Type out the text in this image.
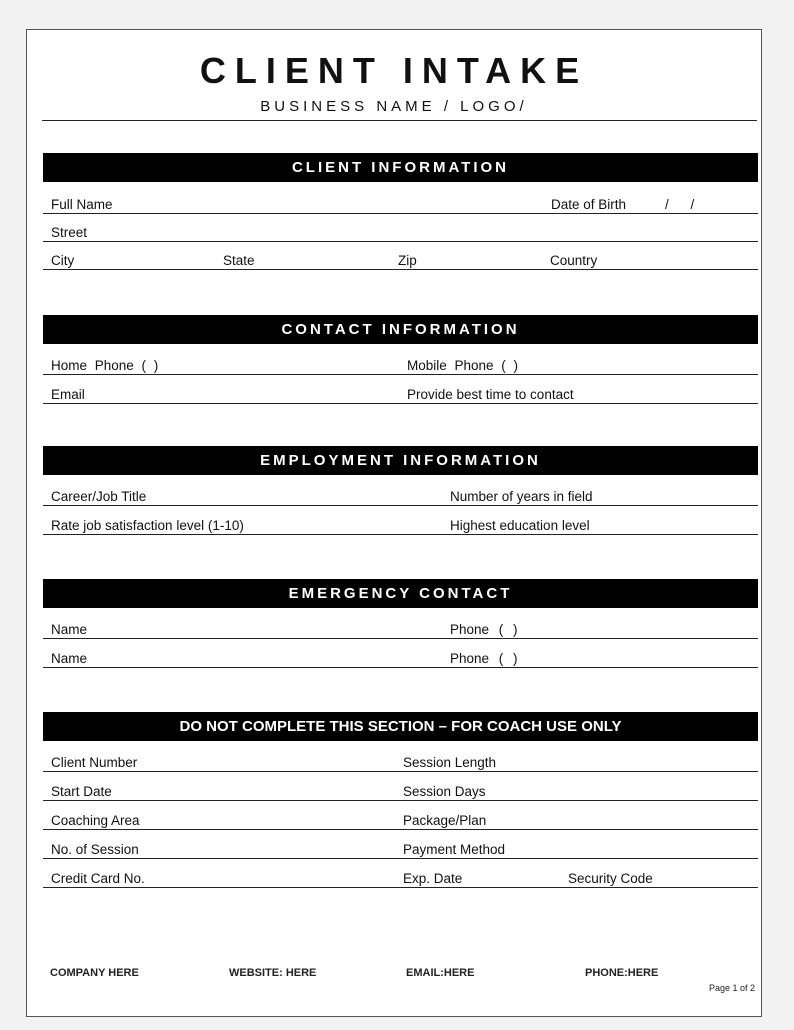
CLIENT INTAKE
BUSINESS NAME / LOGO/
CLIENT INFORMATION
Full Name	Date of Birth	/ /
Street
City	State	Zip	Country
CONTACT INFORMATION
Home Phone ( )	Mobile Phone ( )
Email	Provide best time to contact
EMPLOYMENT INFORMATION
Career/Job Title	Number of years in field
Rate job satisfaction level (1-10)	Highest education level
EMERGENCY CONTACT
Name	Phone ( )
Name	Phone ( )
DO NOT COMPLETE THIS SECTION – FOR COACH USE ONLY
Client Number	Session Length
Start Date	Session Days
Coaching Area	Package/Plan
No. of Session	Payment Method
Credit Card No.	Exp. Date	Security Code
COMPANY HERE	WEBSITE: HERE	EMAIL:HERE	PHONE:HERE
Page 1 of 2
